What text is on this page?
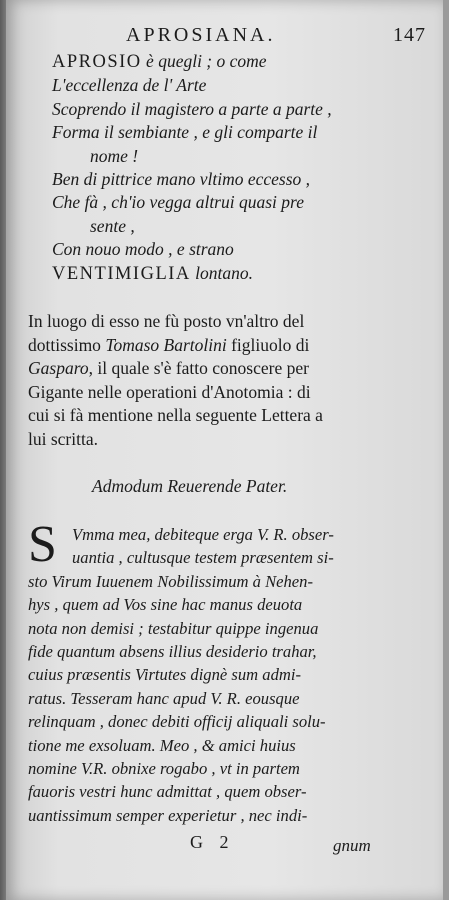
APROSIANA.	147
APROSIO è quegli ; o come
L'eccellenza de l' Arte
Scoprendo il magistero a parte a parte ,
Forma il sembiante , e gli comparte il
nome !
Ben di pittrice mano vltimo eccesso ,
Che fà , ch'io vegga altrui quasi pre
sente ,
Con nouo modo , e strano
VENTIMIGLIA lontano.
In luogo di esso ne fù posto vn'altro del
dottissimo Tomaso Bartolini figliuolo di
Gasparo, il quale s'è fatto conoscere per
Gigante nelle operationi d'Anotomia : di
cui si fà mentione nella seguente Lettera a
lui scritta.
Admodum Reuerende Pater.
S Vmma mea, debiteque erga V. R. obser-
uantia , cultusque testem præsentem si-
sto Virum Iuuenem Nobilissimum à Nehen-
hys , quem ad Vos sine hac manus deuota
nota non demisi ; testabitur quippe ingenua
fide quantum absens illius desiderio trahar,
cuius præsentis Virtutes dignè sum admi-
ratus. Tesseram hanc apud V. R. eousque
relinquam , donec debiti officij aliquali solu-
tione me exsoluam. Meo , & amici huius
nomine V.R. obnixe rogabo , vt in partem
fauoris vestri hunc admittat , quem obser-
uantissimum semper experietur , nec indi-
G 2	gnum
